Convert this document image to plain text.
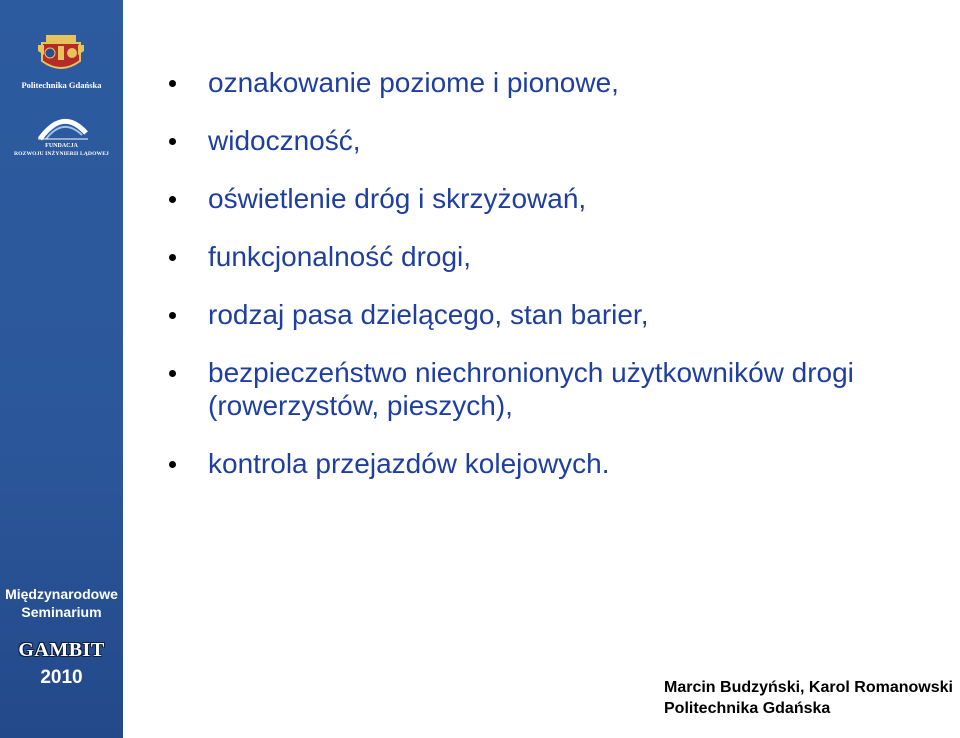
Politechnika Gdańska
FUNDACJA
ROZWOJU INŻYNIERII LĄDOWEJ
Międzynarodowe
Seminarium
GAMBIT
2010
oznakowanie poziome i pionowe,
widoczność,
oświetlenie dróg i skrzyżowań,
funkcjonalność drogi,
rodzaj pasa dzielącego, stan barier,
bezpieczeństwo niechronionych użytkowników drogi (rowerzystów, pieszych),
kontrola przejazdów kolejowych.
Marcin Budzyński, Karol Romanowski
Politechnika Gdańska
